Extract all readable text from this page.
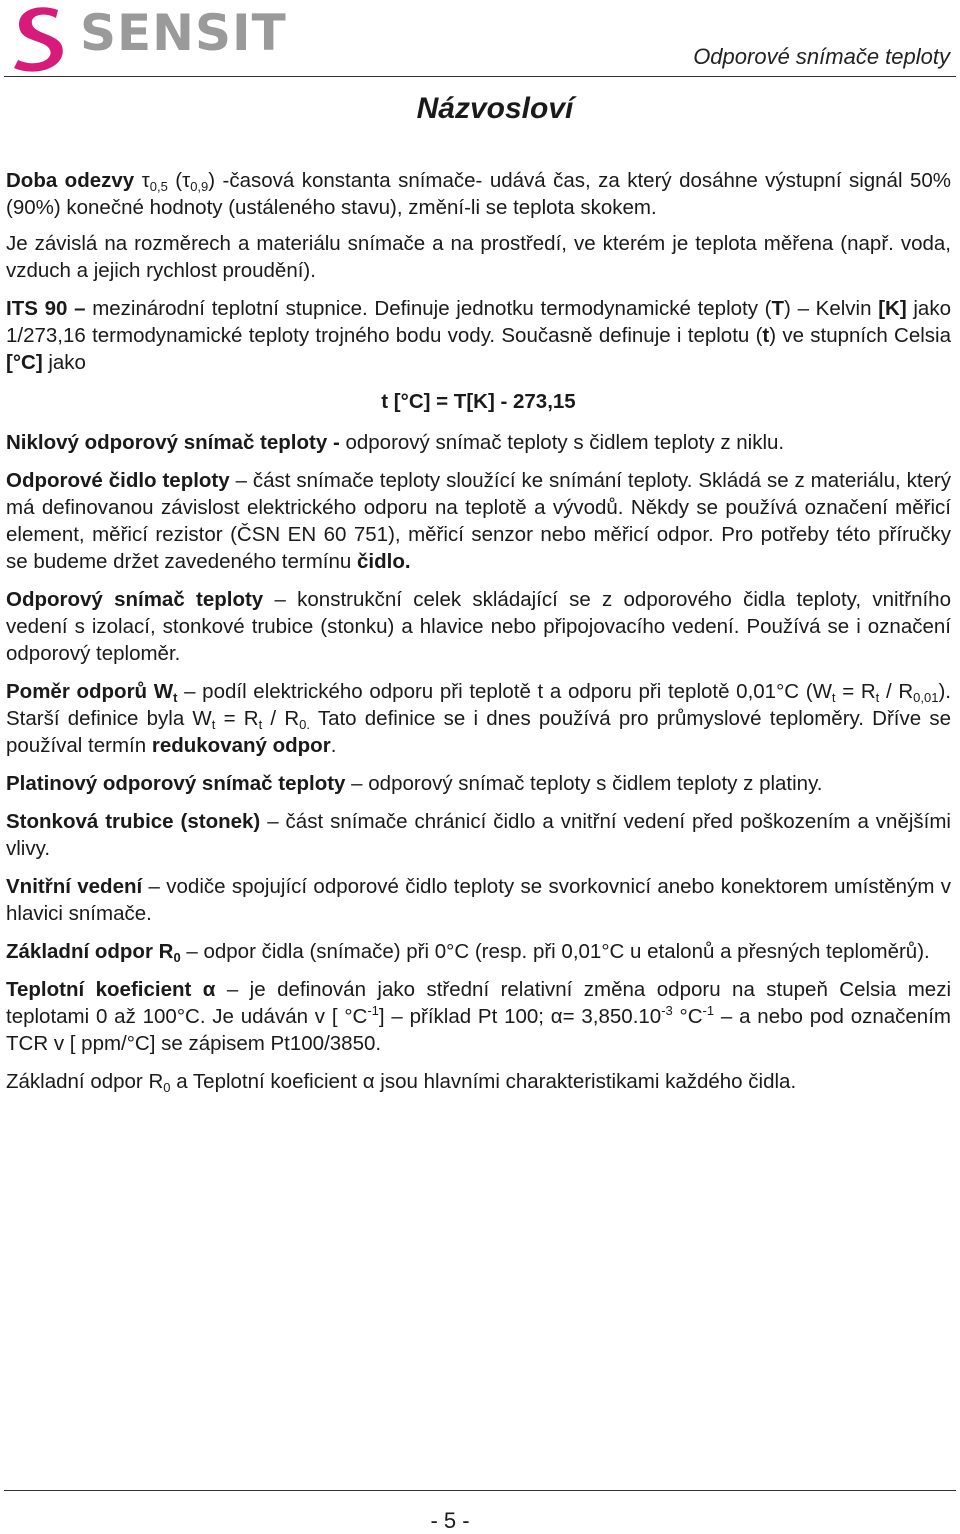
SENSIT	Odporové snímače teploty
Názvosloví

Doba odezvy $\tau_{0,5}$ $(\tau_{0,9})$ -časová konstanta snímače- udává čas, za který dosáhne výstupní signál 50% (90%) konečné hodnoty (ustáleného stavu), změní-li se teplota skokem.

Je závislá na rozměrech a materiálu snímače a na prostředí, ve kterém je teplota měřena (např. voda, vzduch a jejich rychlost proudění).

ITS 90 – mezinárodní teplotní stupnice. Definuje jednotku termodynamické teploty (T) – Kelvin [K] jako 1/273,16 termodynamické teploty trojného bodu vody. Současně definuje i teplotu (t) ve stupních Celsia [°C] jako

t [°C] = T[K] - 273,15

Niklový odporový snímač teploty - odporový snímač teploty s čidlem teploty z niklu.

Odporové čidlo teploty – část snímače teploty sloužící ke snímání teploty. Skládá se z materiálu, který má definovanou závislost elektrického odporu na teplotě a vývodů. Někdy se používá označení měřicí element, měřicí rezistor (ČSN EN 60 751), měřicí senzor nebo měřicí odpor. Pro potřeby této příručky se budeme držet zavedeného termínu čidlo.

Odporový snímač teploty – konstrukční celek skládající se z odporového čidla teploty, vnitřního vedení s izolací, stonkové trubice (stonku) a hlavice nebo připojovacího vedení. Používá se i označení odporový teploměr.

Poměr odporů $W_t$ – podíl elektrického odporu při teplotě t a odporu při teplotě 0,01°C $(W_t = R_t / R_{0,01})$. Starší definice byla $W_t = R_t / R_{0.}$ Tato definice se i dnes používá pro průmyslové teploměry. Dříve se používal termín redukovaný odpor.

Platinový odporový snímač teploty – odporový snímač teploty s čidlem teploty z platiny.

Stonková trubice (stonek) – část snímače chránicí čidlo a vnitřní vedení před poškozením a vnějšími vlivy.

Vnitřní vedení – vodiče spojující odporové čidlo teploty se svorkovnicí anebo konektorem umístěným v hlavici snímače.

Základní odpor $R_0$ – odpor čidla (snímače) při 0°C (resp. při 0,01°C u etalonů a přesných teploměrů).

Teplotní koeficient α – je definován jako střední relativní změna odporu na stupeň Celsia mezi teplotami 0 až 100°C. Je udáván v [ $^\circ C^{-1}$] – příklad Pt 100; $\alpha= 3,850.10^{-3}$ $^\circ C^{-1}$ – a nebo pod označením TCR v [ ppm/°C] se zápisem Pt100/3850.

Základní odpor $R_0$ a Teplotní koeficient α jsou hlavními charakteristikami každého čidla.

- 5 -
